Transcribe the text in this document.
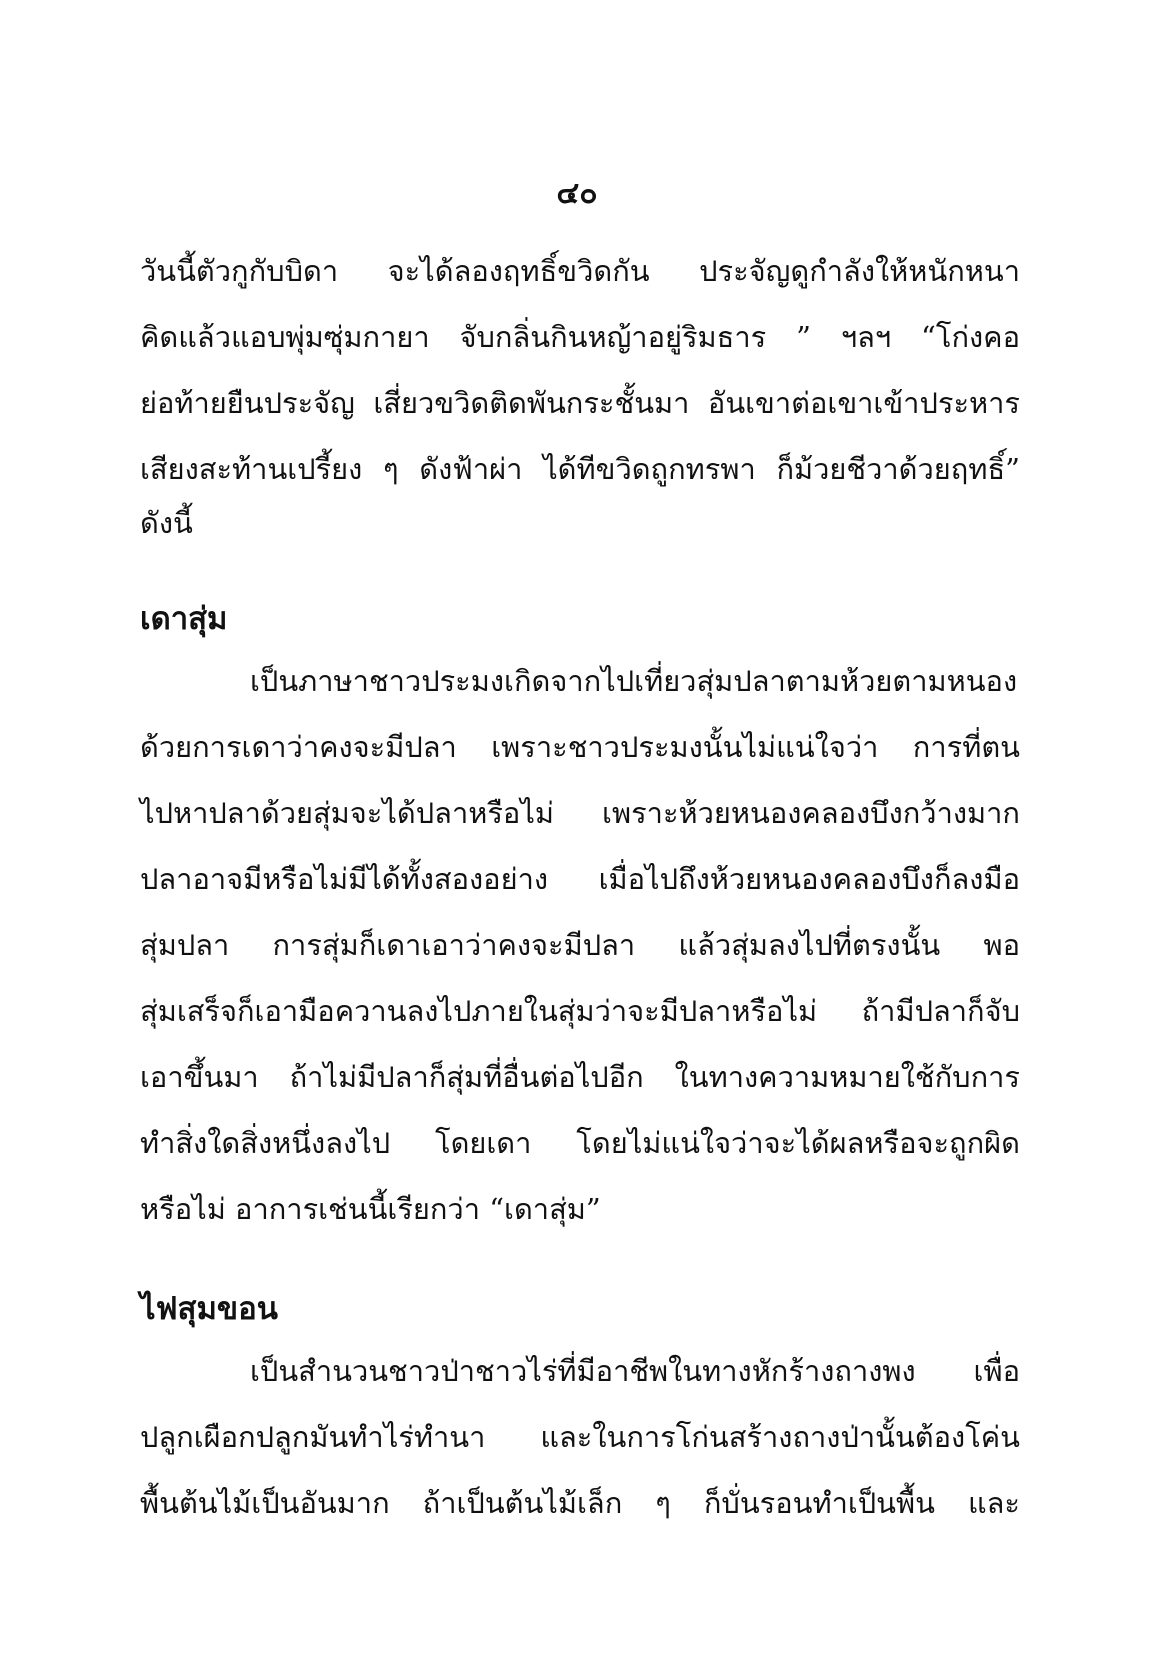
๔๐
วันนี้ตัวกูกับบิดา จะได้ลองฤทธิ์ขวิดกัน ประจัญดูกำลังให้หนักหนา
คิดแล้วแอบพุ่มซุ่มกายา จับกลิ่นกินหญ้าอยู่ริมธาร ” ฯลฯ “โก่งคอ
ย่อท้ายยืนประจัญ เสี่ยวขวิดติดพันกระชั้นมา อันเขาต่อเขาเข้าประหาร
เสียงสะท้านเปรี้ยง ๆ ดังฟ้าผ่า ได้ทีขวิดถูกทรพา ก็ม้วยชีวาด้วยฤทธิ์”
ดังนี้
เดาสุ่ม
เป็นภาษาชาวประมงเกิดจากไปเที่ยวสุ่มปลาตามห้วยตามหนอง
ด้วยการเดาว่าคงจะมีปลา เพราะชาวประมงนั้นไม่แน่ใจว่า การที่ตน
ไปหาปลาด้วยสุ่มจะได้ปลาหรือไม่ เพราะห้วยหนองคลองบึงกว้างมาก
ปลาอาจมีหรือไม่มีได้ทั้งสองอย่าง เมื่อไปถึงห้วยหนองคลองบึงก็ลงมือ
สุ่มปลา การสุ่มก็เดาเอาว่าคงจะมีปลา แล้วสุ่มลงไปที่ตรงนั้น พอ
สุ่มเสร็จก็เอามือควานลงไปภายในสุ่มว่าจะมีปลาหรือไม่ ถ้ามีปลาก็จับ
เอาขึ้นมา ถ้าไม่มีปลาก็สุ่มที่อื่นต่อไปอีก ในทางความหมายใช้กับการ
ทำสิ่งใดสิ่งหนึ่งลงไป โดยเดา โดยไม่แน่ใจว่าจะได้ผลหรือจะถูกผิด
หรือไม่ อาการเช่นนี้เรียกว่า “เดาสุ่ม”
ไฟสุมขอน
เป็นสำนวนชาวป่าชาวไร่ที่มีอาชีพในทางหักร้างถางพง เพื่อ
ปลูกเผือกปลูกมันทำไร่ทำนา และในการโก่นสร้างถางป่านั้นต้องโค่น
พื้นต้นไม้เป็นอันมาก ถ้าเป็นต้นไม้เล็ก ๆ ก็บั่นรอนทำเป็นพื้น และ
